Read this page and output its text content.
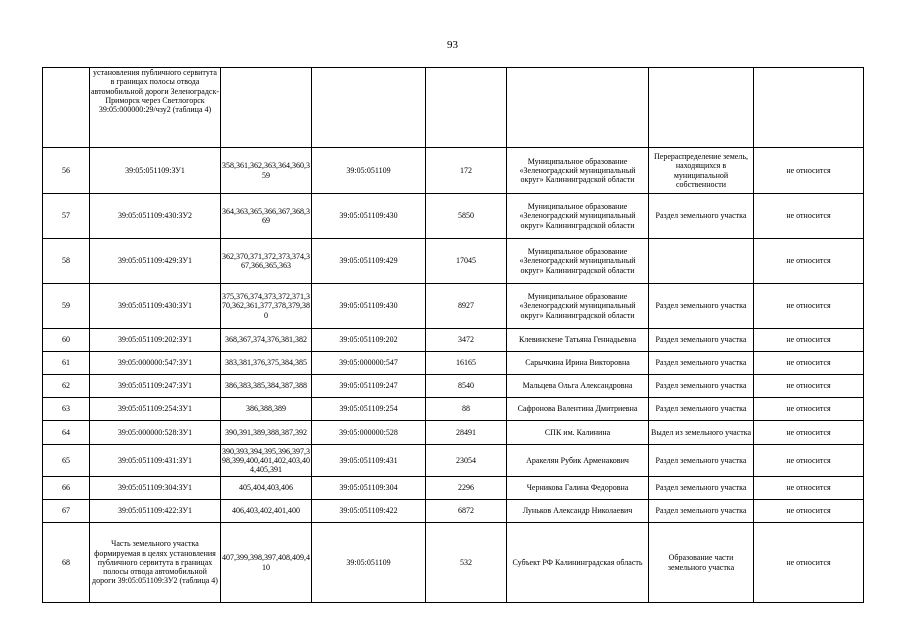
93
	установления публичного сервитута в границах полосы отвода автомобильной дороги Зеленоградск-Приморск через Светлогорск 39:05:000000:29/чзу2 (таблица 4)						
56	39:05:051109:ЗУ1	358,361,362,363,364,360,359	39:05:051109	172	Муниципальное образование «Зеленоградский муниципальный округ» Калининградской области	Перераспределение земель, находящихся в муниципальной собственности	не относится
57	39:05:051109:430:ЗУ2	364,363,365,366,367,368,369	39:05:051109:430	5850	Муниципальное образование «Зеленоградский муниципальный округ» Калининградской области	Раздел земельного участка	не относится
58	39:05:051109:429:ЗУ1	362,370,371,372,373,374,367,366,365,363	39:05:051109:429	17045	Муниципальное образование «Зеленоградский муниципальный округ» Калининградской области		не относится
59	39:05:051109:430:ЗУ1	375,376,374,373,372,371,370,362,361,377,378,379,380	39:05:051109:430	8927	Муниципальное образование «Зеленоградский муниципальный округ» Калининградской области	Раздел земельного участка	не относится
60	39:05:051109:202:ЗУ1	368,367,374,376,381,382	39:05:051109:202	3472	Клевинскене Татьяна Геннадьевна	Раздел земельного участка	не относится
61	39:05:000000:547:ЗУ1	383,381,376,375,384,385	39:05:000000:547	16165	Сарычкина Ирина Викторовна	Раздел земельного участка	не относится
62	39:05:051109:247:ЗУ1	386,383,385,384,387,388	39:05:051109:247	8540	Мальцева Ольга Александровна	Раздел земельного участка	не относится
63	39:05:051109:254:ЗУ1	386,388,389	39:05:051109:254	88	Сафронова Валентина Дмитриевна	Раздел земельного участка	не относится
64	39:05:000000:528:ЗУ1	390,391,389,388,387,392	39:05:000000:528	28491	СПК им. Калинина	Выдел из земельного участка	не относится
65	39:05:051109:431:ЗУ1	390,393,394,395,396,397,398,399,400,401,402,403,404,405,391	39:05:051109:431	23054	Аракелян Рубик Арменакович	Раздел земельного участка	не относится
66	39:05:051109:304:ЗУ1	405,404,403,406	39:05:051109:304	2296	Черникова Галина Федоровна	Раздел земельного участка	не относится
67	39:05:051109:422:ЗУ1	406,403,402,401,400	39:05:051109:422	6872	Луньков Александр Николаевич	Раздел земельного участка	не относится
68	Часть земельного участка формируемая в целях установления публичного сервитута в границах полосы отвода автомобильной дороги 39:05:051109:ЗУ2 (таблица 4)	407,399,398,397,408,409,410	39:05:051109	532	Субъект РФ Калининградская область	Образование части земельного участка	не относится
